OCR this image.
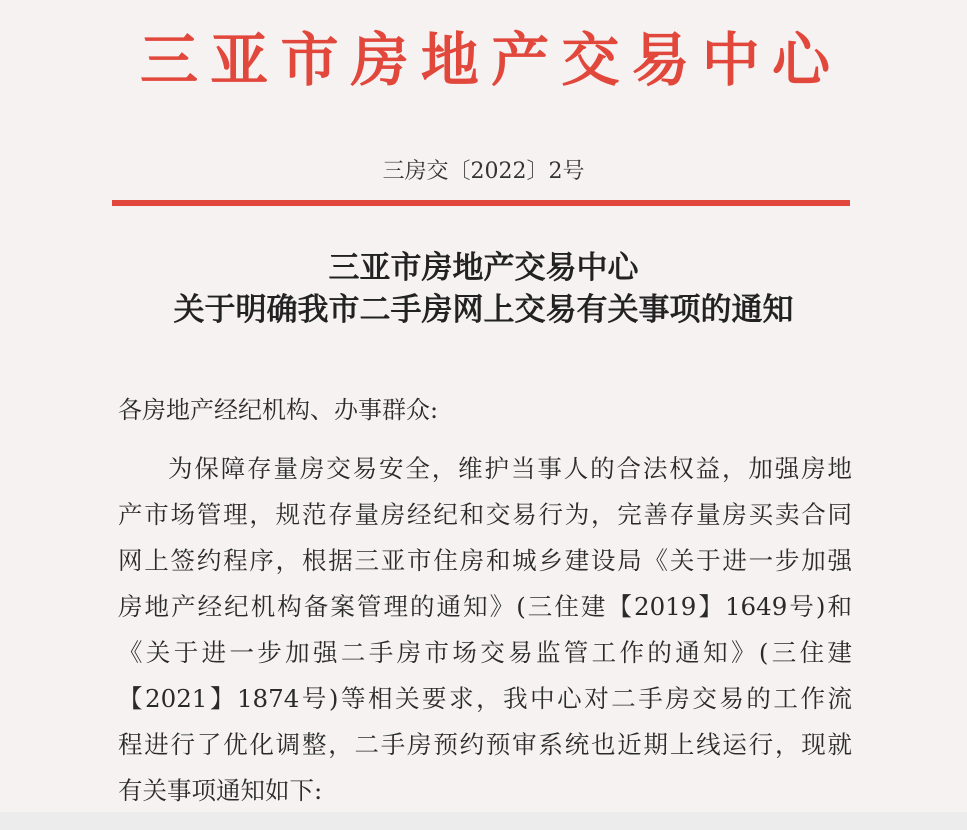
三亚市房地产交易中心
三房交〔2022〕2号
三亚市房地产交易中心
关于明确我市二手房网上交易有关事项的通知
各房地产经纪机构、办事群众:
为保障存量房交易安全，维护当事人的合法权益，加强房地
产市场管理，规范存量房经纪和交易行为，完善存量房买卖合同
网上签约程序，根据三亚市住房和城乡建设局《关于进一步加强
房地产经纪机构备案管理的通知》(三住建【2019】1649号)和
《关于进一步加强二手房市场交易监管工作的通知》(三住建
【2021】1874号)等相关要求，我中心对二手房交易的工作流
程进行了优化调整，二手房预约预审系统也近期上线运行，现就
有关事项通知如下:
